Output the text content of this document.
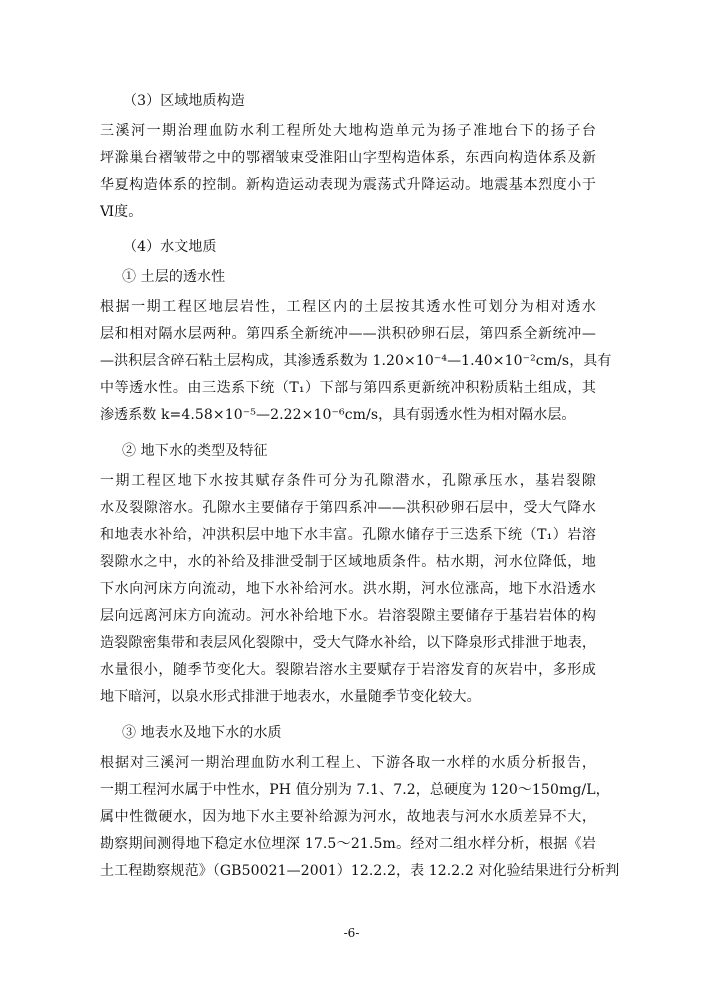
（3）区域地质构造
三溪河一期治理血防水利工程所处大地构造单元为扬子准地台下的扬子台
坪滁巢台褶皱带之中的鄂褶皱束受淮阳山字型构造体系，东西向构造体系及新
华夏构造体系的控制。新构造运动表现为震荡式升降运动。地震基本烈度小于
Ⅵ度。
（4）水文地质
① 土层的透水性
根据一期工程区地层岩性，工程区内的土层按其透水性可划分为相对透水
层和相对隔水层两种。第四系全新统冲——洪积砂卵石层，第四系全新统冲—
—洪积层含碎石粘土层构成，其渗透系数为 1.20×10⁻⁴—1.40×10⁻²cm/s，具有
中等透水性。由三迭系下统（T₁）下部与第四系更新统冲积粉质粘土组成，其
渗透系数 k=4.58×10⁻⁵—2.22×10⁻⁶cm/s，具有弱透水性为相对隔水层。
② 地下水的类型及特征
一期工程区地下水按其赋存条件可分为孔隙潜水，孔隙承压水，基岩裂隙
水及裂隙溶水。孔隙水主要储存于第四系冲——洪积砂卵石层中，受大气降水
和地表水补给，冲洪积层中地下水丰富。孔隙水储存于三迭系下统（T₁）岩溶
裂隙水之中，水的补给及排泄受制于区域地质条件。枯水期，河水位降低，地
下水向河床方向流动，地下水补给河水。洪水期，河水位涨高，地下水沿透水
层向远离河床方向流动。河水补给地下水。岩溶裂隙主要储存于基岩岩体的构
造裂隙密集带和表层风化裂隙中，受大气降水补给，以下降泉形式排泄于地表，
水量很小，随季节变化大。裂隙岩溶水主要赋存于岩溶发育的灰岩中，多形成
地下暗河，以泉水形式排泄于地表水，水量随季节变化较大。
③ 地表水及地下水的水质
根据对三溪河一期治理血防水利工程上、下游各取一水样的水质分析报告，
一期工程河水属于中性水，PH 值分别为 7.1、7.2，总硬度为 120～150mg/L，
属中性微硬水，因为地下水主要补给源为河水，故地表与河水水质差异不大，
勘察期间测得地下稳定水位埋深 17.5～21.5m。经对二组水样分析，根据《岩
土工程勘察规范》（GB50021—2001）12.2.2，表 12.2.2 对化验结果进行分析判
-6-
